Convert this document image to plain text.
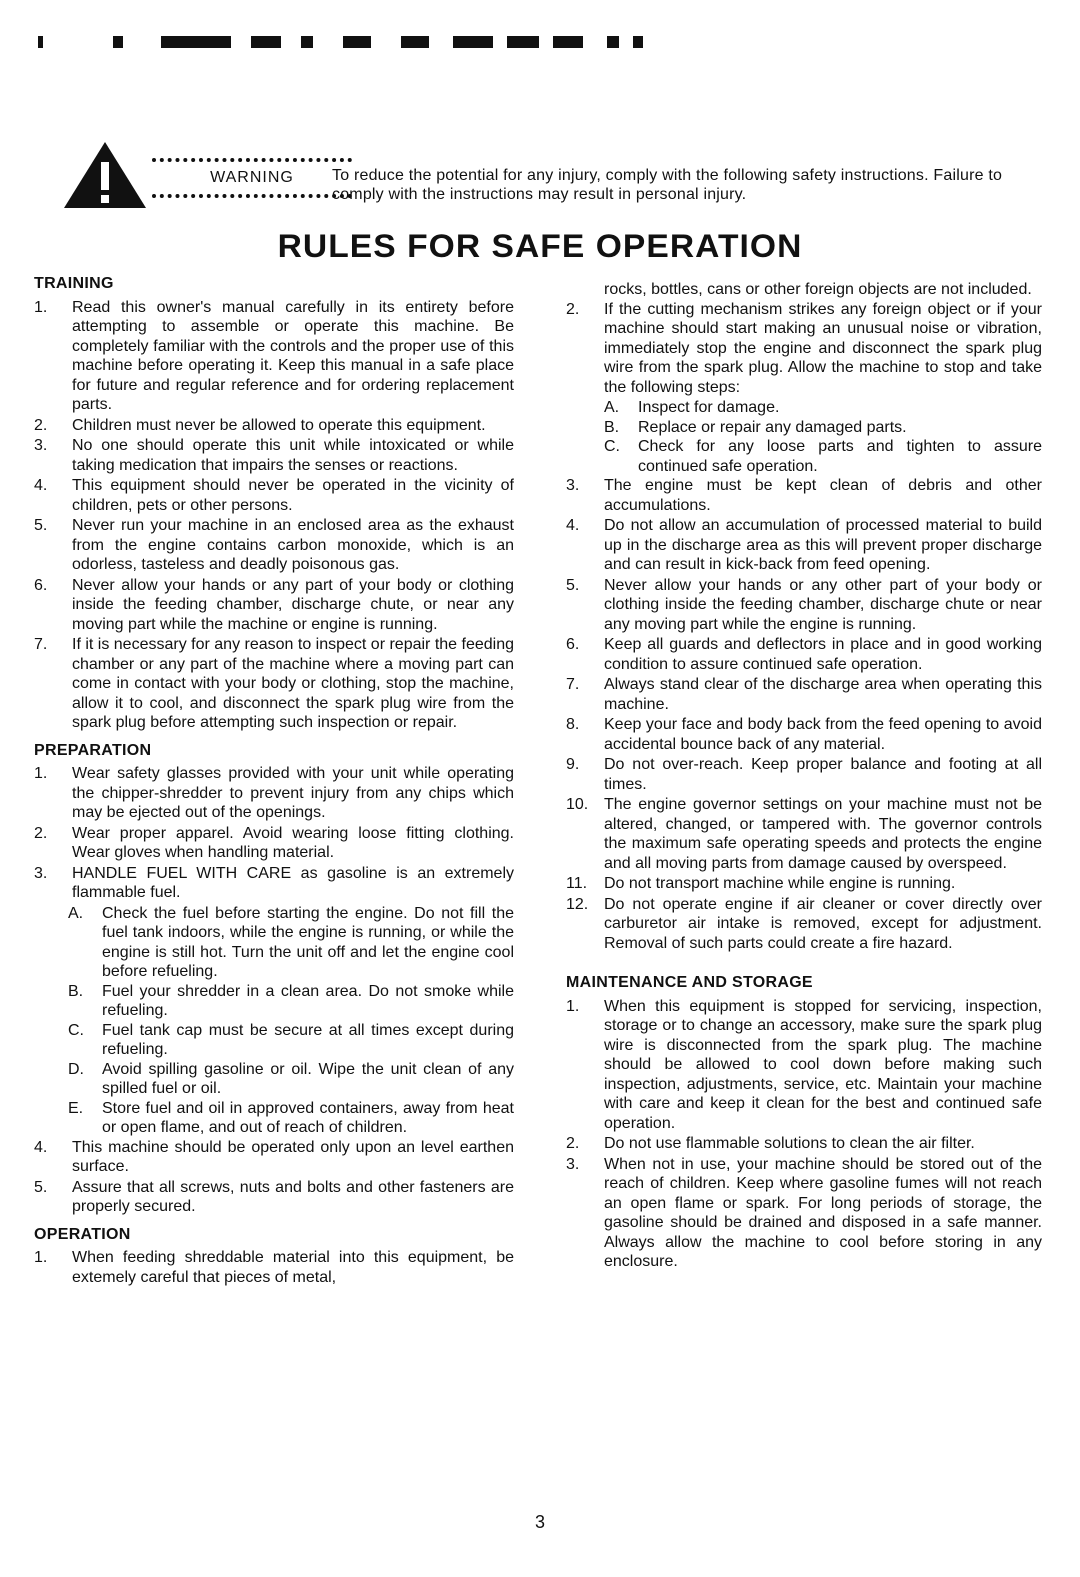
WARNING	To reduce the potential for any injury, comply with the following safety instructions. Failure to comply with the instructions may result in personal injury.
RULES FOR SAFE OPERATION
TRAINING
1. Read this owner's manual carefully in its entirety before attempting to assemble or operate this machine. Be completely familiar with the controls and the proper use of this machine before operating it. Keep this manual in a safe place for future and regular reference and for ordering replacement parts.
2. Children must never be allowed to operate this equipment.
3. No one should operate this unit while intoxicated or while taking medication that impairs the senses or reactions.
4. This equipment should never be operated in the vicinity of children, pets or other persons.
5. Never run your machine in an enclosed area as the exhaust from the engine contains carbon monoxide, which is an odorless, tasteless and deadly poisonous gas.
6. Never allow your hands or any part of your body or clothing inside the feeding chamber, discharge chute, or near any moving part while the machine or engine is running.
7. If it is necessary for any reason to inspect or repair the feeding chamber or any part of the machine where a moving part can come in contact with your body or clothing, stop the machine, allow it to cool, and disconnect the spark plug wire from the spark plug before attempting such inspection or repair.
PREPARATION
1. Wear safety glasses provided with your unit while operating the chipper-shredder to prevent injury from any chips which may be ejected out of the openings.
2. Wear proper apparel. Avoid wearing loose fitting clothing. Wear gloves when handling material.
3. HANDLE FUEL WITH CARE as gasoline is an extremely flammable fuel.
A. Check the fuel before starting the engine. Do not fill the fuel tank indoors, while the engine is running, or while the engine is still hot. Turn the unit off and let the engine cool before refueling.
B. Fuel your shredder in a clean area. Do not smoke while refueling.
C. Fuel tank cap must be secure at all times except during refueling.
D. Avoid spilling gasoline or oil. Wipe the unit clean of any spilled fuel or oil.
E. Store fuel and oil in approved containers, away from heat or open flame, and out of reach of children.
4. This machine should be operated only upon an level earthen surface.
5. Assure that all screws, nuts and bolts and other fasteners are properly secured.
OPERATION
1. When feeding shreddable material into this equipment, be extemely careful that pieces of metal,
rocks, bottles, cans or other foreign objects are not included.
2. If the cutting mechanism strikes any foreign object or if your machine should start making an unusual noise or vibration, immediately stop the engine and disconnect the spark plug wire from the spark plug. Allow the machine to stop and take the following steps:
A. Inspect for damage.
B. Replace or repair any damaged parts.
C. Check for any loose parts and tighten to assure continued safe operation.
3. The engine must be kept clean of debris and other accumulations.
4. Do not allow an accumulation of processed material to build up in the discharge area as this will prevent proper discharge and can result in kick-back from feed opening.
5. Never allow your hands or any other part of your body or clothing inside the feeding chamber, discharge chute or near any moving part while the engine is running.
6. Keep all guards and deflectors in place and in good working condition to assure continued safe operation.
7. Always stand clear of the discharge area when operating this machine.
8. Keep your face and body back from the feed opening to avoid accidental bounce back of any material.
9. Do not over-reach. Keep proper balance and footing at all times.
10. The engine governor settings on your machine must not be altered, changed, or tampered with. The governor controls the maximum safe operating speeds and protects the engine and all moving parts from damage caused by overspeed.
11. Do not transport machine while engine is running.
12. Do not operate engine if air cleaner or cover directly over carburetor air intake is removed, except for adjustment. Removal of such parts could create a fire hazard.
MAINTENANCE AND STORAGE
1. When this equipment is stopped for servicing, inspection, storage or to change an accessory, make sure the spark plug wire is disconnected from the spark plug. The machine should be allowed to cool down before making such inspection, adjustments, service, etc. Maintain your machine with care and keep it clean for the best and continued safe operation.
2. Do not use flammable solutions to clean the air filter.
3. When not in use, your machine should be stored out of the reach of children. Keep where gasoline fumes will not reach an open flame or spark. For long periods of storage, the gasoline should be drained and disposed in a safe manner. Always allow the machine to cool before storing in any enclosure.
3
